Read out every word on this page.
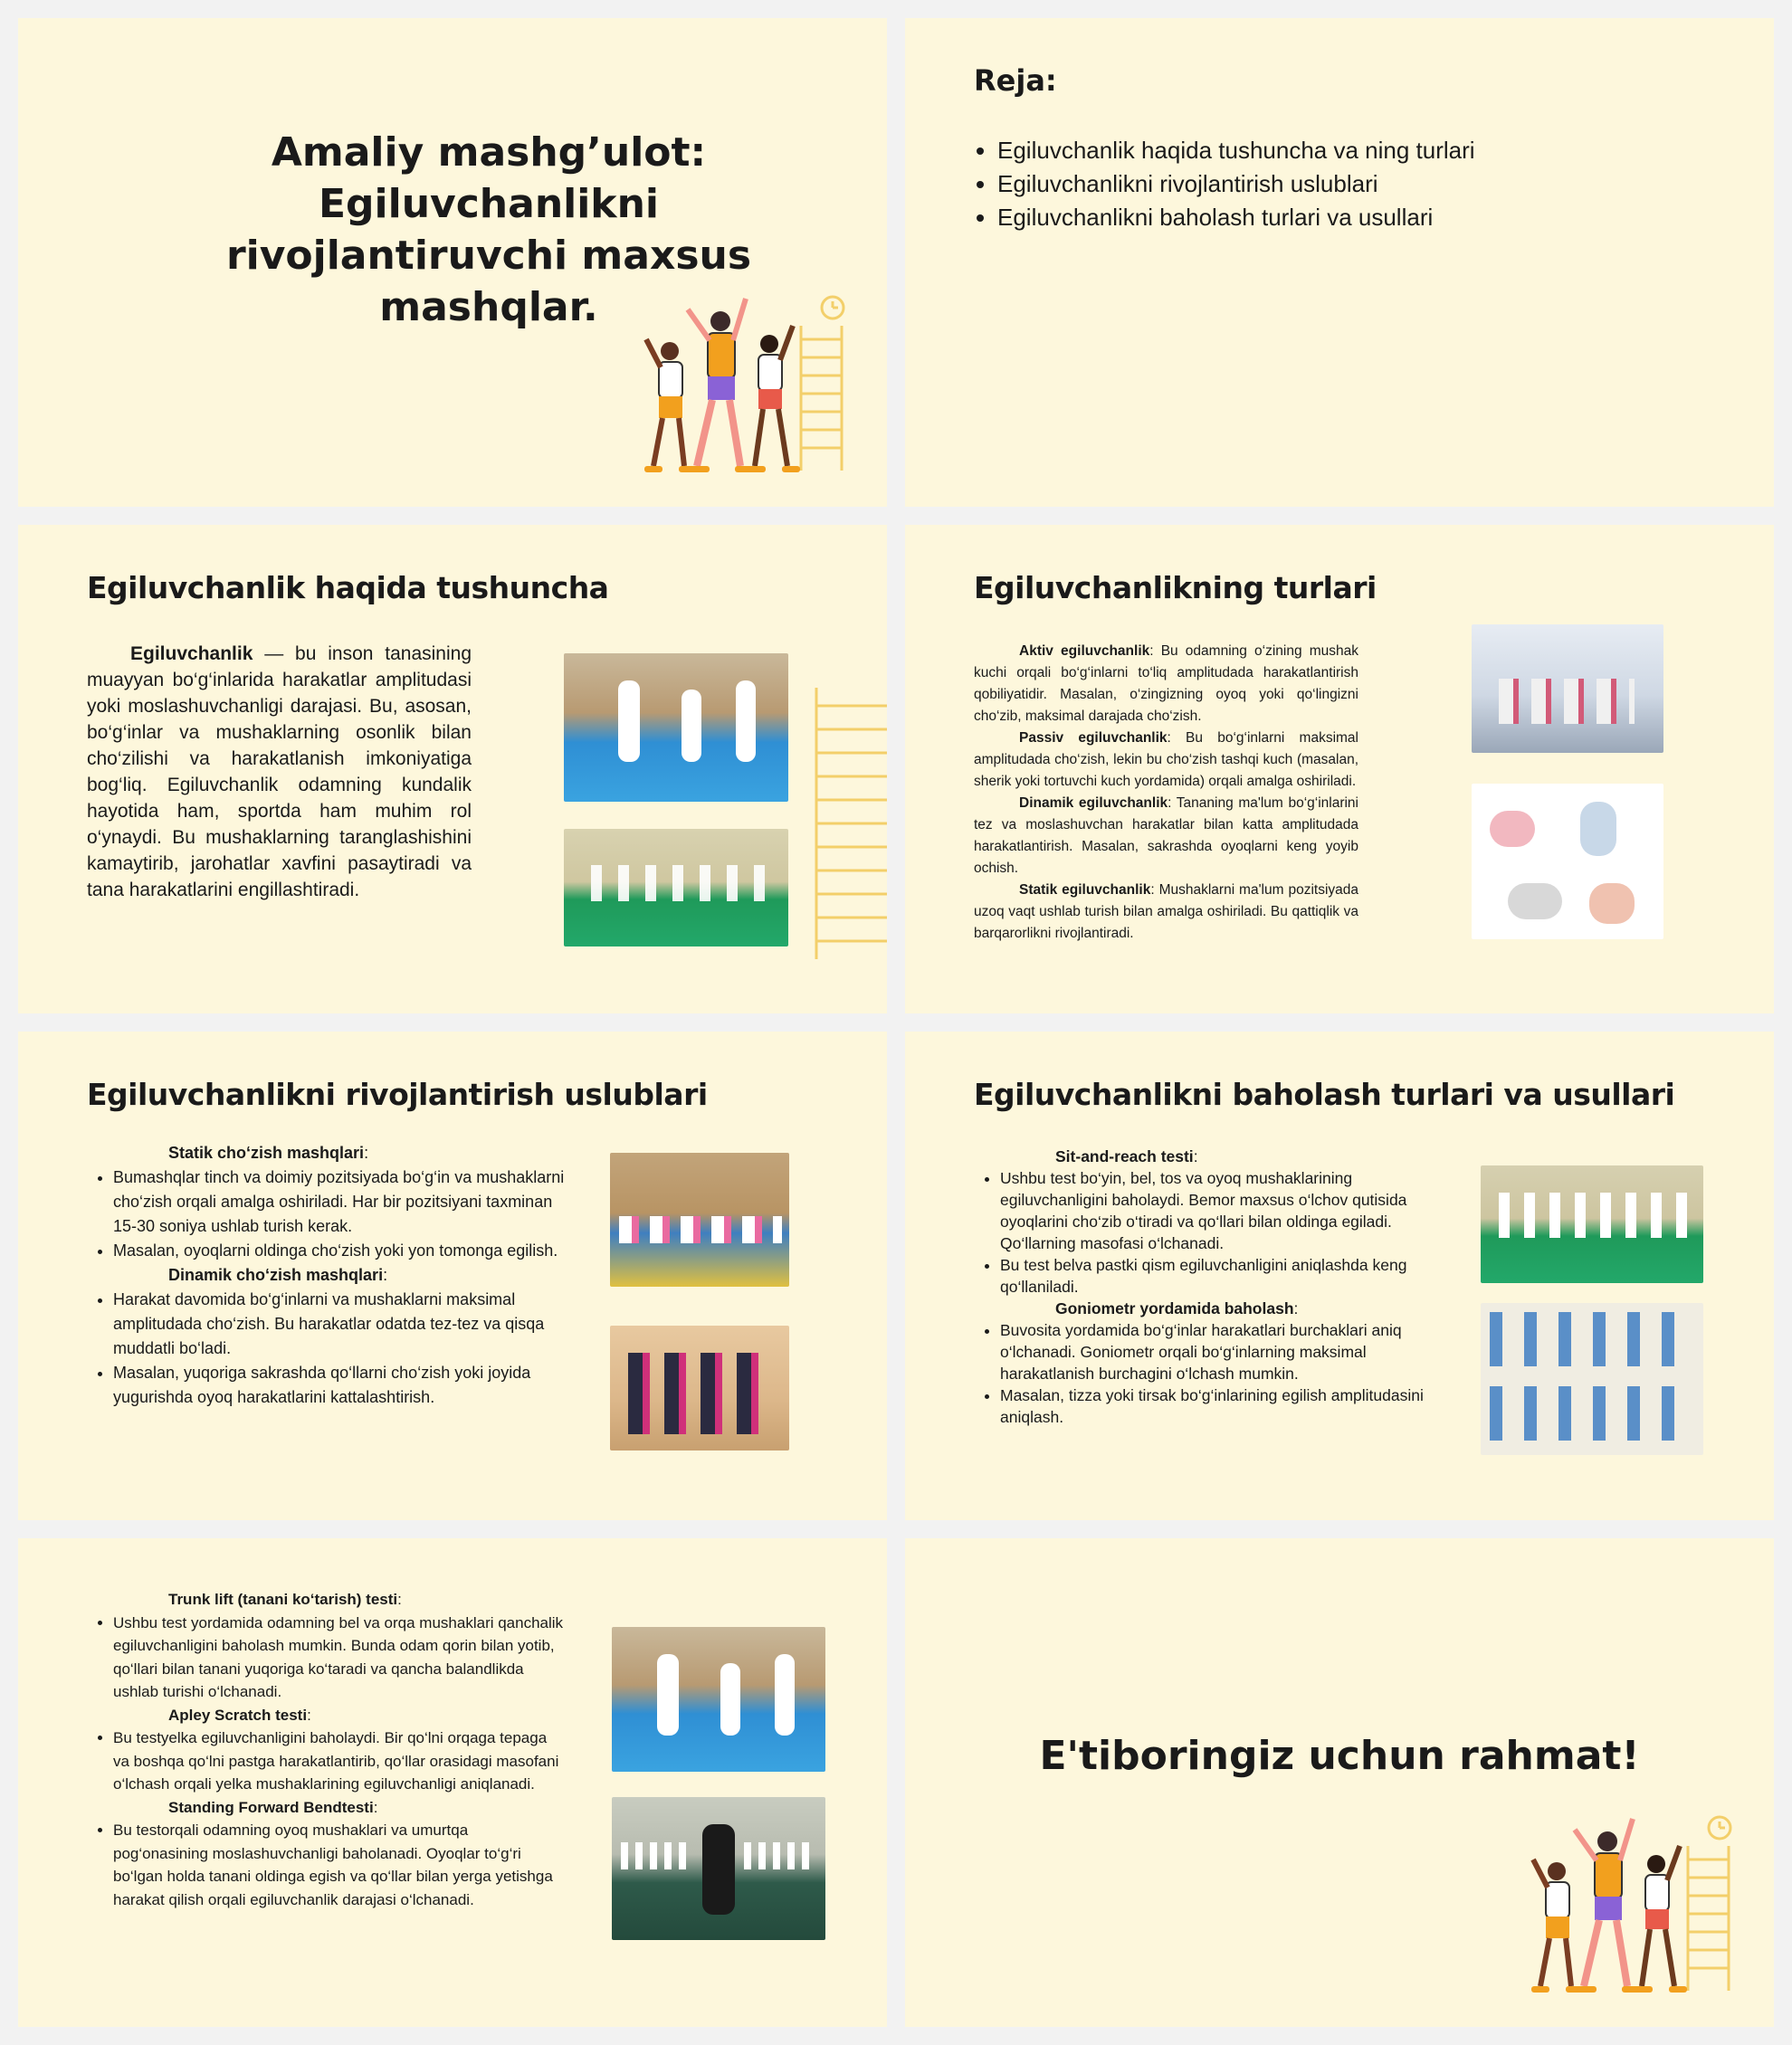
Amaliy mashg’ulot: Egiluvchanlikni rivojlantiruvchi maxsus mashqlar.
Reja:
• Egiluvchanlik haqida tushuncha va ning turlari
• Egiluvchanlikni rivojlantirish uslublari
• Egiluvchanlikni baholash turlari va usullari
Egiluvchanlik haqida tushuncha
Egiluvchanlik — bu inson tanasining muayyan bo‘g‘inlarida harakatlar amplitudasi yoki moslashuvchanligi darajasi. Bu, asosan, bo‘g‘inlar va mushaklarning osonlik bilan cho‘zilishi va harakatlanish imkoniyatiga bog‘liq. Egiluvchanlik odamning kundalik hayotida ham, sportda ham muhim rol o‘ynaydi. Bu mushaklarning taranglashishini kamaytirib, jarohatlar xavfini pasaytiradi va tana harakatlarini engillashtiradi.
Egiluvchanlikning turlari

Aktiv egiluvchanlik: Bu odamning o‘zining mushak kuchi orqali bo‘g‘inlarni to‘liq amplitudada harakatlantirish qobiliyatidir. Masalan, o‘zingizning oyoq yoki qo‘lingizni cho‘zib, maksimal darajada cho‘zish.

Passiv egiluvchanlik: Bu bo‘g‘inlarni maksimal amplitudada cho‘zish, lekin bu cho‘zish tashqi kuch (masalan, sherik yoki tortuvchi kuch yordamida) orqali amalga oshiriladi.

Dinamik egiluvchanlik: Tananing ma'lum bo‘g‘inlarini tez va moslashuvchan harakatlar bilan katta amplitudada harakatlantirish. Masalan, sakrashda oyoqlarni keng yoyib ochish.

Statik egiluvchanlik: Mushaklarni ma'lum pozitsiyada uzoq vaqt ushlab turish bilan amalga oshiriladi. Bu qattiqlik va barqarorlikni rivojlantiradi.

Egiluvchanlikni rivojlantirish uslublari
Statik cho‘zish mashqlari:
• Bumashqlar tinch va doimiy pozitsiyada bo‘g‘in va mushaklarni cho‘zish orqali amalga oshiriladi. Har bir pozitsiyani taxminan 15-30 soniya ushlab turish kerak.
• Masalan, oyoqlarni oldinga cho‘zish yoki yon tomonga egilish.
Dinamik cho‘zish mashqlari:
• Harakat davomida bo‘g‘inlarni va mushaklarni maksimal amplitudada cho‘zish. Bu harakatlar odatda tez-tez va qisqa muddatli bo‘ladi.
• Masalan, yuqoriga sakrashda qo‘llarni cho‘zish yoki joyida yugurishda oyoq harakatlarini kattalashtirish.
Egiluvchanlikni baholash turlari va usullari
Sit-and-reach testi:
• Ushbu test bo‘yin, bel, tos va oyoq mushaklarining egiluvchanligini baholaydi. Bemor maxsus o‘lchov qutisida oyoqlarini cho‘zib o‘tiradi va qo‘llari bilan oldinga egiladi. Qo‘llarning masofasi o‘lchanadi.
• Bu test belva pastki qism egiluvchanligini aniqlashda keng qo‘llaniladi.
Goniometr yordamida baholash:
• Buvosita yordamida bo‘g‘inlar harakatlari burchaklari aniq o‘lchanadi. Goniometr orqali bo‘g‘inlarning maksimal harakatlanish burchagini o‘lchash mumkin.
• Masalan, tizza yoki tirsak bo‘g‘inlarining egilish amplitudasini aniqlash.
Trunk lift (tanani ko‘tarish) testi:
• Ushbu test yordamida odamning bel va orqa mushaklari qanchalik egiluvchanligini baholash mumkin. Bunda odam qorin bilan yotib, qo‘llari bilan tanani yuqoriga ko‘taradi va qancha balandlikda ushlab turishi o‘lchanadi.
Apley Scratch testi:
• Bu testyelka egiluvchanligini baholaydi. Bir qo‘lni orqaga tepaga va boshqa qo‘lni pastga harakatlantirib, qo‘llar orasidagi masofani o‘lchash orqali yelka mushaklarining egiluvchanligi aniqlanadi.
Standing Forward Bendtesti:
• Bu testorqali odamning oyoq mushaklari va umurtqa pog‘onasining moslashuvchanligi baholanadi. Oyoqlar to‘g‘ri bo‘lgan holda tanani oldinga egish va qo‘llar bilan yerga yetishga harakat qilish orqali egiluvchanlik darajasi o‘lchanadi.
E'tiboringiz uchun rahmat!
